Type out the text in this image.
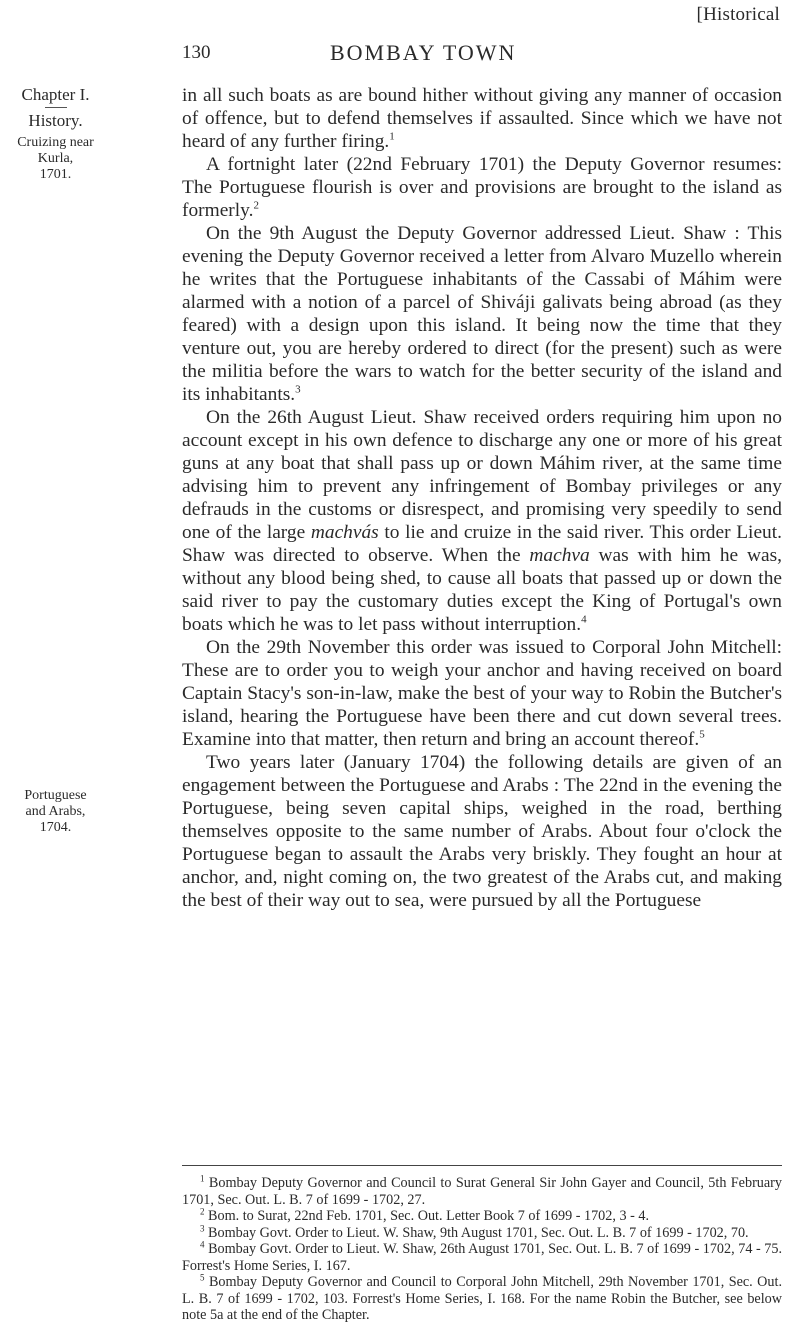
[Historical
130	BOMBAY TOWN
Chapter I.
History.
Cruizing near
Kurla,
1701.
Portuguese
and Arabs,
1704.

in all such boats as are bound hither without giving any manner of occasion of offence, but to defend themselves if assaulted. Since which we have not heard of any further firing.$^1$

A fortnight later (22nd February 1701) the Deputy Governor resumes: The Portuguese flourish is over and provisions are brought to the island as formerly.$^2$

On the 9th August the Deputy Governor addressed Lieut. Shaw : This evening the Deputy Governor received a letter from Alvaro Muzello wherein he writes that the Portuguese inhabitants of the Cassabi of Máhim were alarmed with a notion of a parcel of Shiváji galivats being abroad (as they feared) with a design upon this island. It being now the time that they venture out, you are hereby ordered to direct (for the present) such as were the militia before the wars to watch for the better security of the island and its inhabitants.$^3$

On the 26th August Lieut. Shaw received orders requiring him upon no account except in his own defence to discharge any one or more of his great guns at any boat that shall pass up or down Máhim river, at the same time advising him to prevent any infringement of Bombay privileges or any defrauds in the customs or disrespect, and promising very speedily to send one of the large machvás to lie and cruize in the said river. This order Lieut. Shaw was directed to observe. When the machva was with him he was, without any blood being shed, to cause all boats that passed up or down the said river to pay the customary duties except the King of Portugal's own boats which he was to let pass without interruption.$^4$

On the 29th November this order was issued to Corporal John Mitchell: These are to order you to weigh your anchor and having received on board Captain Stacy's son-in-law, make the best of your way to Robin the Butcher's island, hearing the Portuguese have been there and cut down several trees. Examine into that matter, then return and bring an account thereof.$^5$

Two years later (January 1704) the following details are given of an engagement between the Portuguese and Arabs : The 22nd in the evening the Portuguese, being seven capital ships, weighed in the road, berthing themselves opposite to the same number of Arabs. About four o'clock the Portuguese began to assault the Arabs very briskly. They fought an hour at anchor, and, night coming on, the two greatest of the Arabs cut, and making the best of their way out to sea, were pursued by all the Portuguese

$^1$ Bombay Deputy Governor and Council to Surat General Sir John Gayer and Council, 5th February 1701, Sec. Out. L. B. 7 of 1699 - 1702, 27.

$^2$ Bom. to Surat, 22nd Feb. 1701, Sec. Out. Letter Book 7 of 1699 - 1702, 3 - 4.

$^3$ Bombay Govt. Order to Lieut. W. Shaw, 9th August 1701, Sec. Out. L. B. 7 of 1699 - 1702, 70.

$^4$ Bombay Govt. Order to Lieut. W. Shaw, 26th August 1701, Sec. Out. L. B. 7 of 1699 - 1702, 74 - 75. Forrest's Home Series, I. 167.

$^5$ Bombay Deputy Governor and Council to Corporal John Mitchell, 29th November 1701, Sec. Out. L. B. 7 of 1699 - 1702, 103. Forrest's Home Series, I. 168. For the name Robin the Butcher, see below note 5a at the end of the Chapter.
